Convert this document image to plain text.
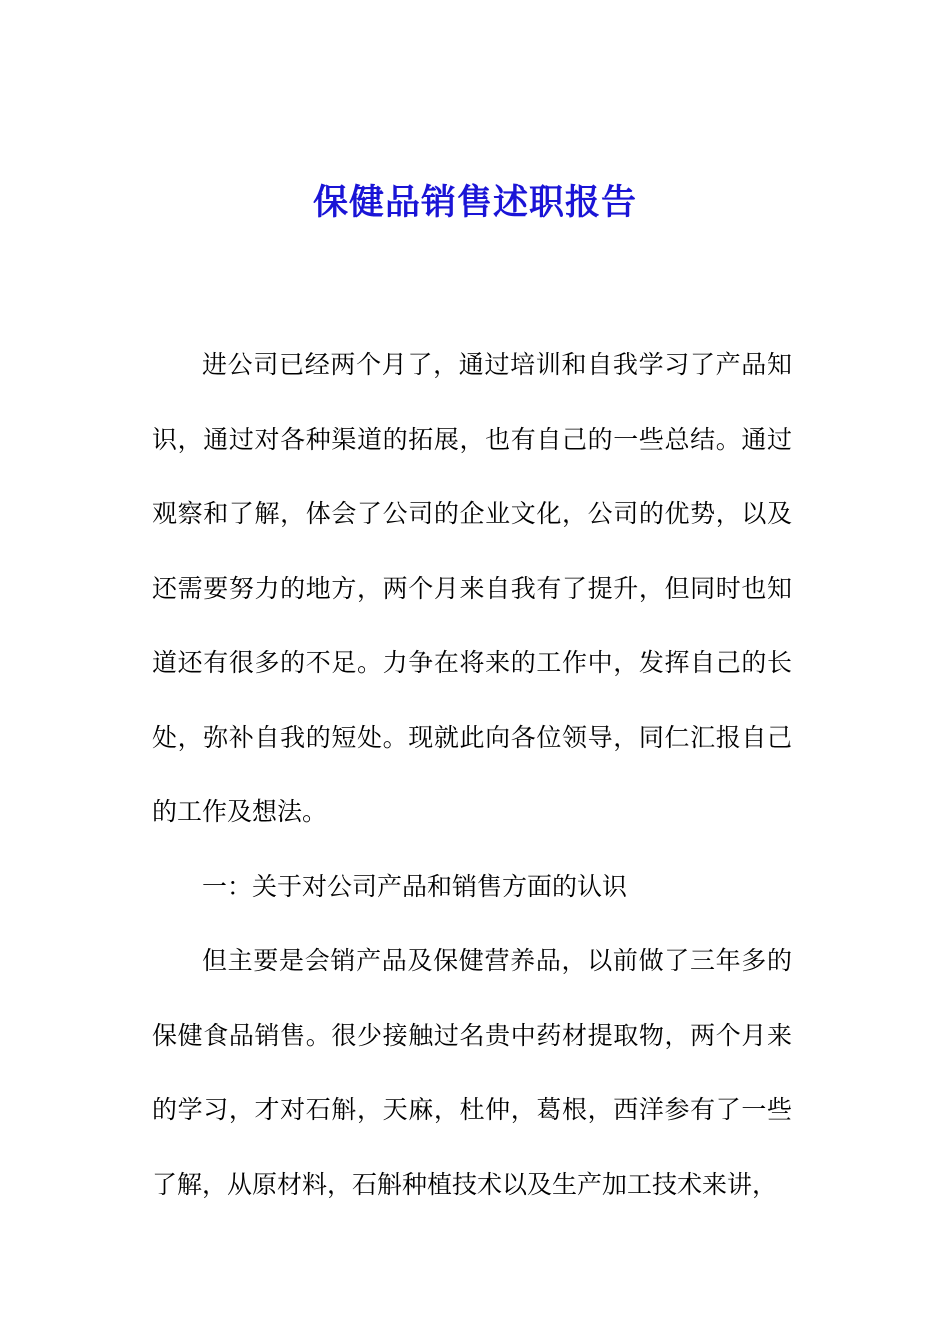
保健品销售述职报告

进公司已经两个月了，通过培训和自我学习了产品知识，通过对各种渠道的拓展，也有自己的一些总结。通过观察和了解，体会了公司的企业文化，公司的优势，以及还需要努力的地方，两个月来自我有了提升，但同时也知道还有很多的不足。力争在将来的工作中，发挥自己的长处，弥补自我的短处。现就此向各位领导，同仁汇报自己的工作及想法。

一：关于对公司产品和销售方面的认识

但主要是会销产品及保健营养品，以前做了三年多的保健食品销售。很少接触过名贵中药材提取物，两个月来的学习，才对石斛，天麻，杜仲，葛根，西洋参有了一些了解，从原材料，石斛种植技术以及生产加工技术来讲，
